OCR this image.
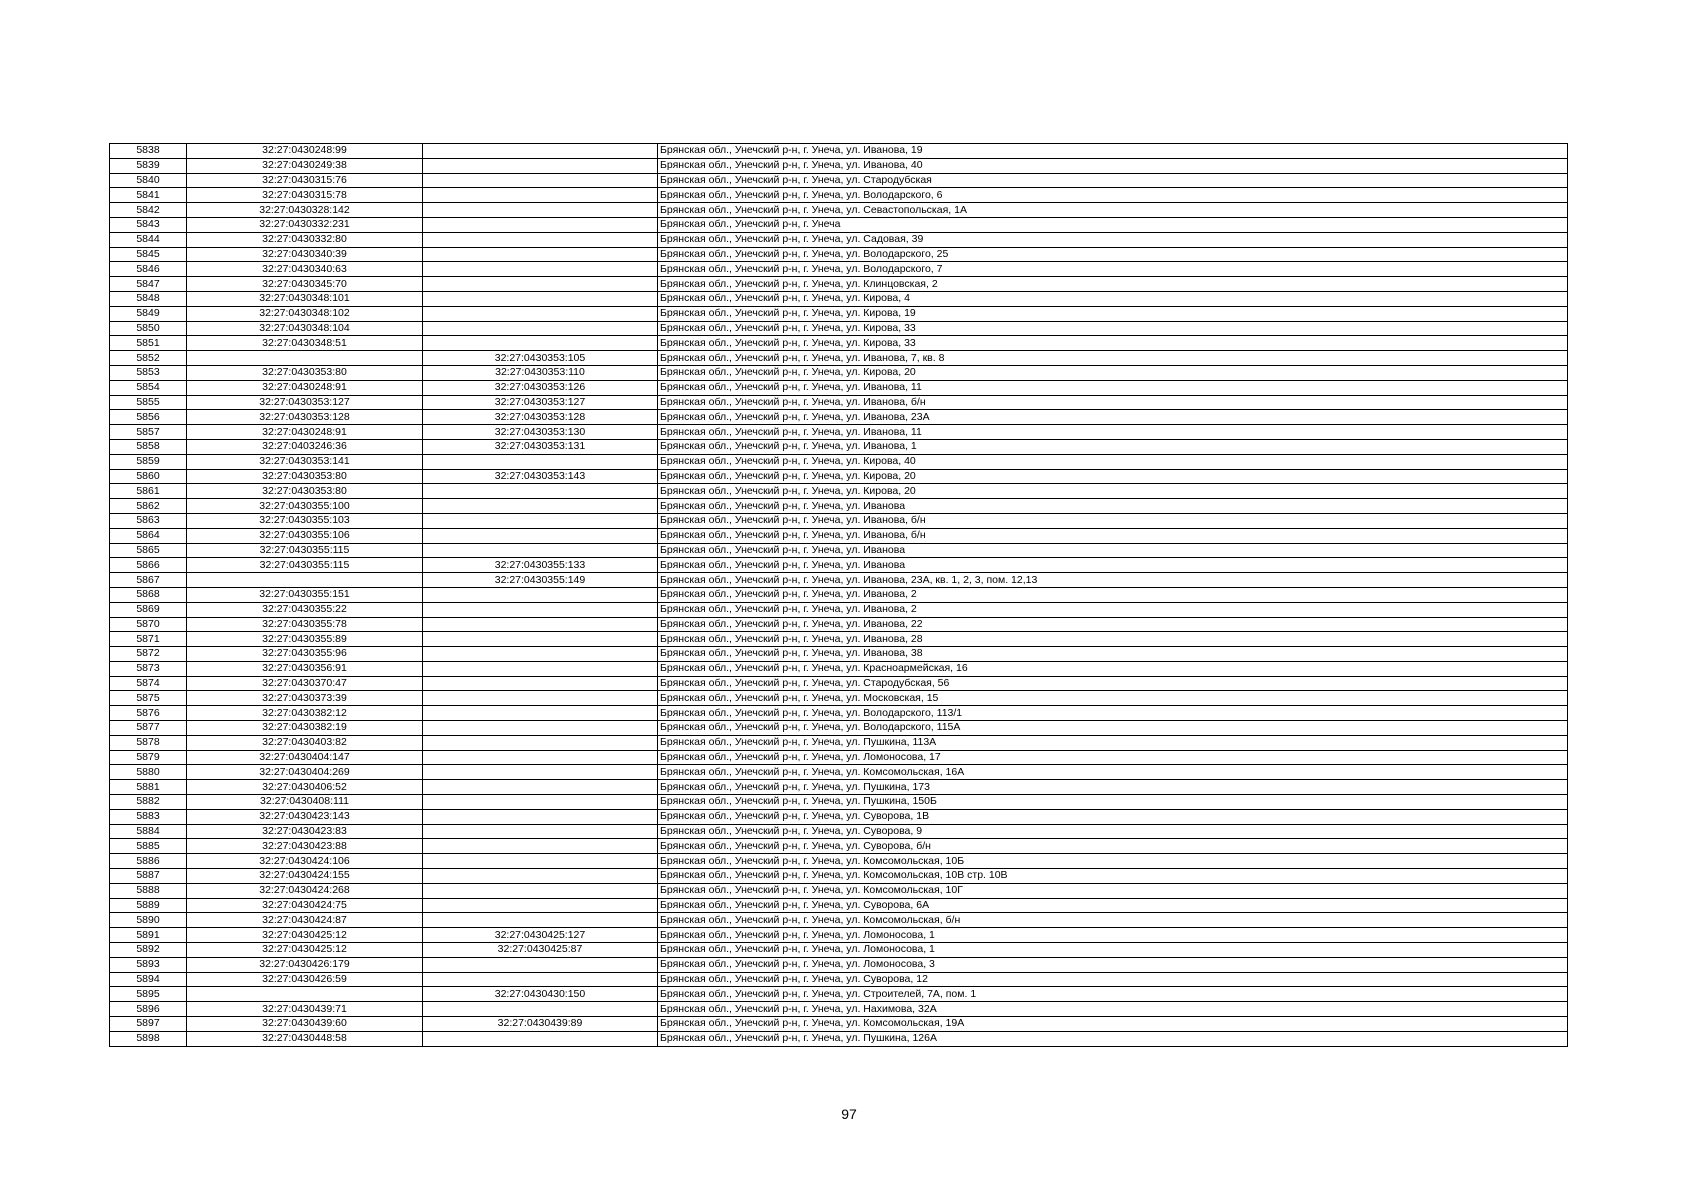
5838	32:27:0430248:99		Брянская обл., Унечский р-н, г. Унеча, ул. Иванова, 19
5839	32:27:0430249:38		Брянская обл., Унечский р-н, г. Унеча, ул. Иванова, 40
5840	32:27:0430315:76		Брянская обл., Унечский р-н, г. Унеча, ул. Стародубская
5841	32:27:0430315:78		Брянская обл., Унечский р-н, г. Унеча, ул. Володарского, 6
5842	32:27:0430328:142		Брянская обл., Унечский р-н, г. Унеча, ул. Севастопольская, 1А
5843	32:27:0430332:231		Брянская обл., Унечский р-н, г. Унеча
5844	32:27:0430332:80		Брянская обл., Унечский р-н, г. Унеча, ул. Садовая, 39
5845	32:27:0430340:39		Брянская обл., Унечский р-н, г. Унеча, ул. Володарского, 25
5846	32:27:0430340:63		Брянская обл., Унечский р-н, г. Унеча, ул. Володарского, 7
5847	32:27:0430345:70		Брянская обл., Унечский р-н, г. Унеча, ул. Клинцовская, 2
5848	32:27:0430348:101		Брянская обл., Унечский р-н, г. Унеча, ул. Кирова, 4
5849	32:27:0430348:102		Брянская обл., Унечский р-н, г. Унеча, ул. Кирова, 19
5850	32:27:0430348:104		Брянская обл., Унечский р-н, г. Унеча, ул. Кирова, 33
5851	32:27:0430348:51		Брянская обл., Унечский р-н, г. Унеча, ул. Кирова, 33
5852		32:27:0430353:105	Брянская обл., Унечский р-н, г. Унеча, ул. Иванова, 7, кв. 8
5853	32:27:0430353:80	32:27:0430353:110	Брянская обл., Унечский р-н, г. Унеча, ул. Кирова, 20
5854	32:27:0430248:91	32:27:0430353:126	Брянская обл., Унечский р-н, г. Унеча, ул. Иванова, 11
5855	32:27:0430353:127	32:27:0430353:127	Брянская обл., Унечский р-н, г. Унеча, ул. Иванова, б/н
5856	32:27:0430353:128	32:27:0430353:128	Брянская обл., Унечский р-н, г. Унеча, ул. Иванова, 23А
5857	32:27:0430248:91	32:27:0430353:130	Брянская обл., Унечский р-н, г. Унеча, ул. Иванова, 11
5858	32:27:0403246:36	32:27:0430353:131	Брянская обл., Унечский р-н, г. Унеча, ул. Иванова, 1
5859	32:27:0430353:141		Брянская обл., Унечский р-н, г. Унеча, ул. Кирова, 40
5860	32:27:0430353:80	32:27:0430353:143	Брянская обл., Унечский р-н, г. Унеча, ул. Кирова, 20
5861	32:27:0430353:80		Брянская обл., Унечский р-н, г. Унеча, ул. Кирова, 20
5862	32:27:0430355:100		Брянская обл., Унечский р-н, г. Унеча, ул. Иванова
5863	32:27:0430355:103		Брянская обл., Унечский р-н, г. Унеча, ул. Иванова, б/н
5864	32:27:0430355:106		Брянская обл., Унечский р-н, г. Унеча, ул. Иванова, б/н
5865	32:27:0430355:115		Брянская обл., Унечский р-н, г. Унеча, ул. Иванова
5866	32:27:0430355:115	32:27:0430355:133	Брянская обл., Унечский р-н, г. Унеча, ул. Иванова
5867		32:27:0430355:149	Брянская обл., Унечский р-н, г. Унеча, ул. Иванова, 23А, кв. 1, 2, 3, пом. 12,13
5868	32:27:0430355:151		Брянская обл., Унечский р-н, г. Унеча, ул. Иванова, 2
5869	32:27:0430355:22		Брянская обл., Унечский р-н, г. Унеча, ул. Иванова, 2
5870	32:27:0430355:78		Брянская обл., Унечский р-н, г. Унеча, ул. Иванова, 22
5871	32:27:0430355:89		Брянская обл., Унечский р-н, г. Унеча, ул. Иванова, 28
5872	32:27:0430355:96		Брянская обл., Унечский р-н, г. Унеча, ул. Иванова, 38
5873	32:27:0430356:91		Брянская обл., Унечский р-н, г. Унеча, ул. Красноармейская, 16
5874	32:27:0430370:47		Брянская обл., Унечский р-н, г. Унеча, ул. Стародубская, 56
5875	32:27:0430373:39		Брянская обл., Унечский р-н, г. Унеча, ул. Московская, 15
5876	32:27:0430382:12		Брянская обл., Унечский р-н, г. Унеча, ул. Володарского, 113/1
5877	32:27:0430382:19		Брянская обл., Унечский р-н, г. Унеча, ул. Володарского, 115А
5878	32:27:0430403:82		Брянская обл., Унечский р-н, г. Унеча, ул. Пушкина, 113А
5879	32:27:0430404:147		Брянская обл., Унечский р-н, г. Унеча, ул. Ломоносова, 17
5880	32:27:0430404:269		Брянская обл., Унечский р-н, г. Унеча, ул. Комсомольская, 16А
5881	32:27:0430406:52		Брянская обл., Унечский р-н, г. Унеча, ул. Пушкина, 173
5882	32:27:0430408:111		Брянская обл., Унечский р-н, г. Унеча, ул. Пушкина, 150Б
5883	32:27:0430423:143		Брянская обл., Унечский р-н, г. Унеча, ул. Суворова, 1В
5884	32:27:0430423:83		Брянская обл., Унечский р-н, г. Унеча, ул. Суворова, 9
5885	32:27:0430423:88		Брянская обл., Унечский р-н, г. Унеча, ул. Суворова, б/н
5886	32:27:0430424:106		Брянская обл., Унечский р-н, г. Унеча, ул. Комсомольская, 10Б
5887	32:27:0430424:155		Брянская обл., Унечский р-н, г. Унеча, ул. Комсомольская, 10В стр. 10В
5888	32:27:0430424:268		Брянская обл., Унечский р-н, г. Унеча, ул. Комсомольская, 10Г
5889	32:27:0430424:75		Брянская обл., Унечский р-н, г. Унеча, ул. Суворова, 6А
5890	32:27:0430424:87		Брянская обл., Унечский р-н, г. Унеча, ул. Комсомольская, б/н
5891	32:27:0430425:12	32:27:0430425:127	Брянская обл., Унечский р-н, г. Унеча, ул. Ломоносова, 1
5892	32:27:0430425:12	32:27:0430425:87	Брянская обл., Унечский р-н, г. Унеча, ул. Ломоносова, 1
5893	32:27:0430426:179		Брянская обл., Унечский р-н, г. Унеча, ул. Ломоносова, 3
5894	32:27:0430426:59		Брянская обл., Унечский р-н, г. Унеча, ул. Суворова, 12
5895		32:27:0430430:150	Брянская обл., Унечский р-н, г. Унеча, ул. Строителей, 7А, пом. 1
5896	32:27:0430439:71		Брянская обл., Унечский р-н, г. Унеча, ул. Нахимова, 32А
5897	32:27:0430439:60	32:27:0430439:89	Брянская обл., Унечский р-н, г. Унеча, ул. Комсомольская, 19А
5898	32:27:0430448:58		Брянская обл., Унечский р-н, г. Унеча, ул. Пушкина, 126А
97
